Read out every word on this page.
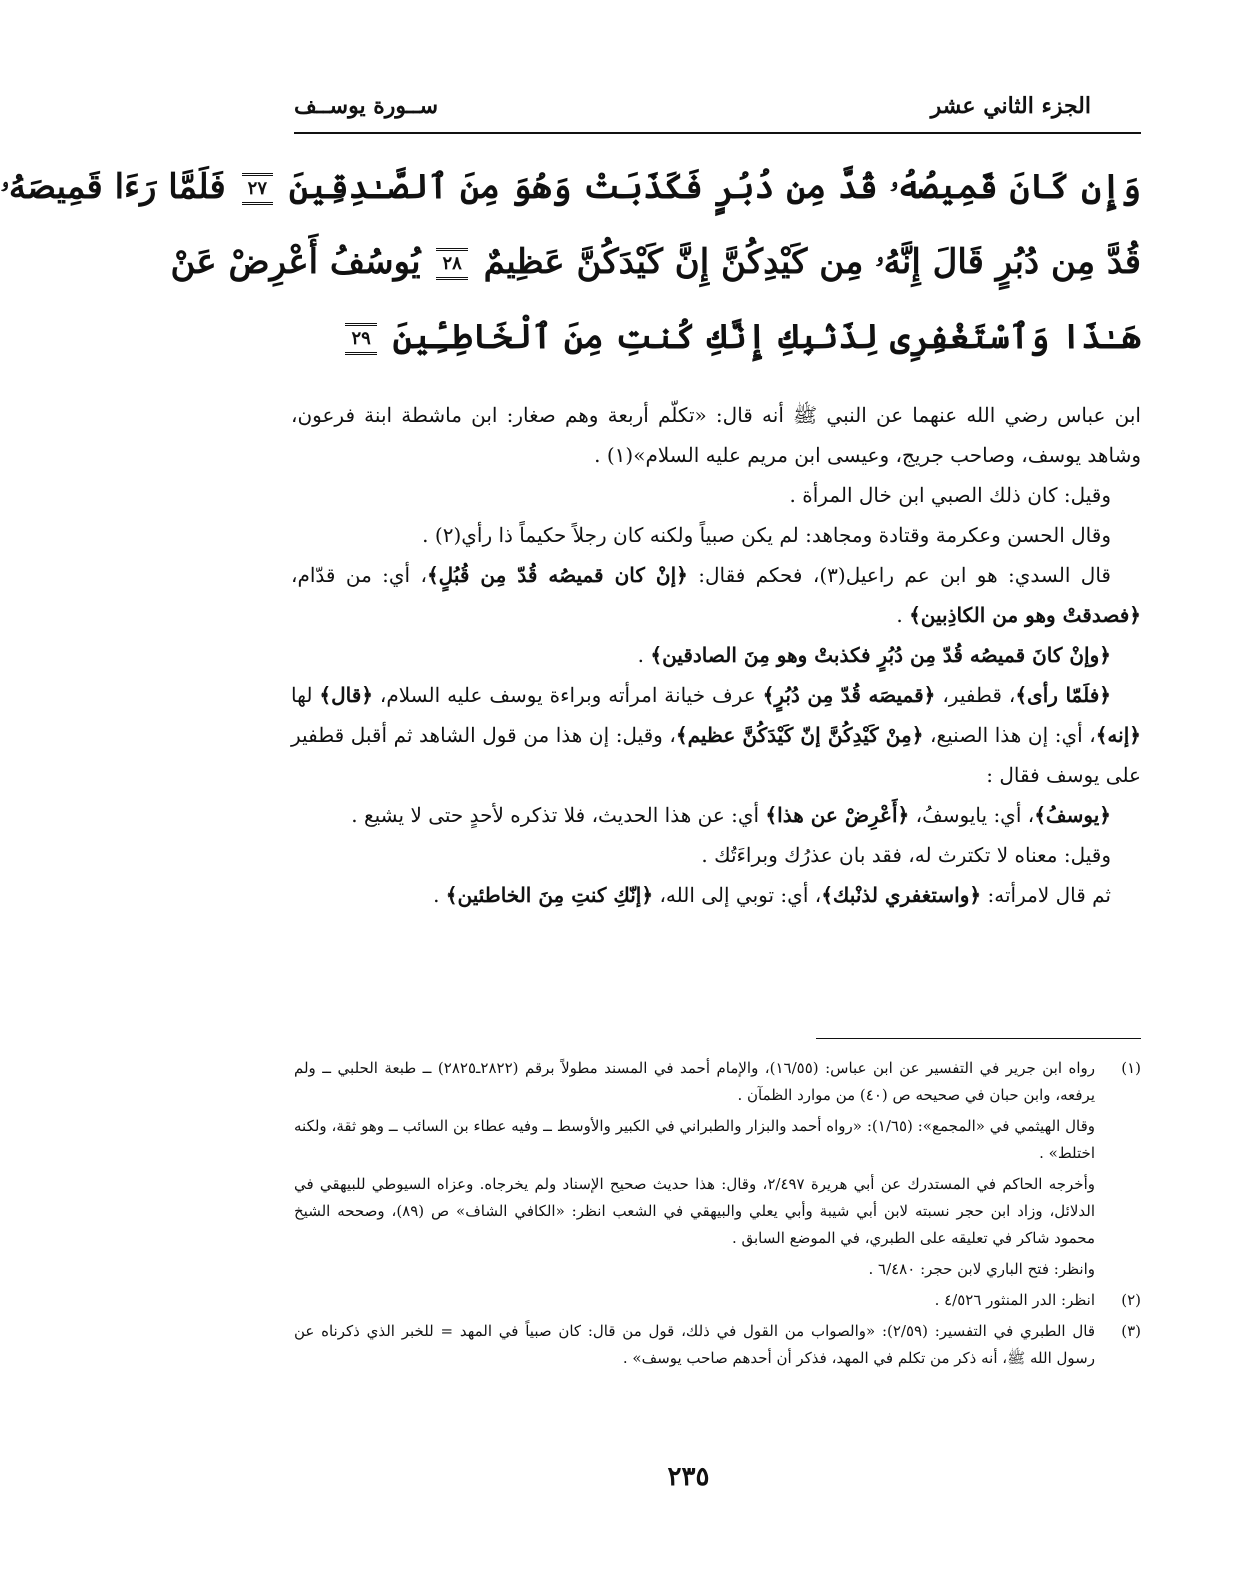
الجزء الثاني عشر
ســورة يوســف
وَإِن كَانَ قَمِيصُهُۥ قُدَّ مِن دُبُرٍ فَكَذَبَتْ وَهُوَ مِنَ ٱلصَّـٰدِقِينَ ٢٧ فَلَمَّا رَءَا قَمِيصَهُۥ
قُدَّ مِن دُبُرٍ قَالَ إِنَّهُۥ مِن كَيْدِكُنَّ إِنَّ كَيْدَكُنَّ عَظِيمٌ ٢٨ يُوسُفُ أَعْرِضْ عَنْ
هَـٰذَا وَٱسْتَغْفِرِى لِذَنۢبِكِ إِنَّكِ كُنتِ مِنَ ٱلْخَاطِـِٔينَ ٢٩

ابن عباس رضي الله عنهما عن النبي ﷺ أنه قال: «تكلّم أربعة وهم صغار: ابن ماشطة ابنة فرعون، وشاهد يوسف، وصاحب جريج، وعيسى ابن مريم عليه السلام»(١) .

وقيل: كان ذلك الصبي ابن خال المرأة .

وقال الحسن وعكرمة وقتادة ومجاهد: لم يكن صبياً ولكنه كان رجلاً حكيماً ذا رأي(٢) .

قال السدي: هو ابن عم راعيل(٣)، فحكم فقال: ﴿إنْ كان قميصُه قُدّ مِن قُبُلٍ﴾، أي: من قدّام، ﴿فصدقتْ وهو من الكاذِبين﴾ .

﴿وإنْ كانَ قميصُه قُدّ مِن دُبُرٍ فكذبتْ وهو مِنَ الصادقين﴾ .

﴿فلَمّا رأى﴾، قطفير، ﴿قميصَه قُدّ مِن دُبُرٍ﴾ عرف خيانة امرأته وبراءة يوسف عليه السلام، ﴿قال﴾ لها ﴿إنه﴾، أي: إن هذا الصنيع، ﴿مِنْ كَيْدِكُنَّ إنّ كَيْدَكُنَّ عظيم﴾، وقيل: إن هذا من قول الشاهد ثم أقبل قطفير على يوسف فقال :

﴿يوسفُ﴾، أي: يايوسفُ، ﴿أَعْرِضْ عن هذا﴾ أي: عن هذا الحديث، فلا تذكره لأحدٍ حتى لا يشيع .

وقيل: معناه لا تكترث له، فقد بان عذرُك وبراءَتُك .

ثم قال لامرأته: ﴿واستغفري لذنْبك﴾، أي: توبي إلى الله، ﴿إنّكِ كنتِ مِنَ الخاطئين﴾ .

(١)

رواه ابن جرير في التفسير عن ابن عباس: (١٦/٥٥)، والإمام أحمد في المسند مطولاً برقم (٢٨٢٢ـ٢٨٢٥) ــ طبعة الحلبي ــ ولم يرفعه، وابن حبان في صحيحه ص (٤٠) من موارد الظمآن .

وقال الهيثمي في «المجمع»: (١/٦٥): «رواه أحمد والبزار والطبراني في الكبير والأوسط ــ وفيه عطاء بن السائب ــ وهو ثقة، ولكنه اختلط» .

وأخرجه الحاكم في المستدرك عن أبي هريرة ٢/٤٩٧، وقال: هذا حديث صحيح الإسناد ولم يخرجاه. وعزاه السيوطي للبيهقي في الدلائل، وزاد ابن حجر نسبته لابن أبي شيبة وأبي يعلي والبيهقي في الشعب انظر: «الكافي الشاف» ص (٨٩)، وصححه الشيخ محمود شاكر في تعليقه على الطبري، في الموضع السابق .

وانظر: فتح الباري لابن حجر: ٦/٤٨٠ .

(٢)

انظر: الدر المنثور ٤/٥٢٦ .

(٣)

قال الطبري في التفسير: (٢/٥٩): «والصواب من القول في ذلك، قول من قال: كان صبياً في المهد = للخبر الذي ذكرناه عن رسول الله ﷺ، أنه ذكر من تكلم في المهد، فذكر أن أحدهم صاحب يوسف» .

٢٣٥
